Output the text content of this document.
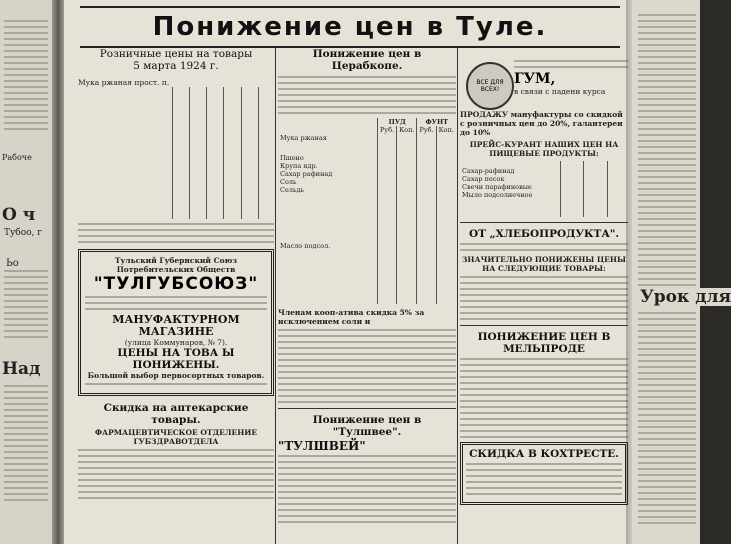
О ч
Тубоо, г
Ьо
Над
Рабоче
Понижение цен в Туле.
Розничные цены на товары
5 марта 1924 г.
Мука ржаная прост. п.

Тульский Губернский Союз Потребительских Обществ
"ТУЛГУБСОЮЗ"
МАНУФАКТУРНОМ МАГАЗИНЕ
(улица Коммунаров, № 7).
ЦЕНЫ НА ТОВА Ы ПОНИЖЕНЫ.
Большой выбор первосортных товаров.
Скидка на аптекарские товары.
ФАРМАЦЕВТИЧЕСКОЕ ОТДЕЛЕНИЕ ГУБЗДРАВОТДЕЛА
Понижение цен в Церабкопе.
	ПУД		ФУНТ	
	Руб.	Коп.	Руб.	Коп.
Мука ржаная				

Пшено				
Крупа ядр.				
Сахар рафинад				
Соль				
Сельдь				

Масло подсол.				

Членам кооп-атива скидка 5% за исключением соли и
Понижение цен в "Тулшвее".
"ТУЛШВЕЙ"
ВСЕ ДЛЯ ВСЕХ!
ГУМ,
в связи с падени курса
ПРОДАЖУ мануфактуры со скидкой с розничных цен до 20%, галантереи до 10%
ПРЕЙС-КУРАНТ НАШИХ ЦЕН НА ПИЩЕВЫЕ ПРОДУКТЫ:

Сахар-рафинад			
Сахар песок			
Свечи парафиновые			
Мыло подсолнечное			

ОТ „ХЛЕБОПРОДУКТА".
ЗНАЧИТЕЛЬНО ПОНИЖЕНЫ ЦЕНЫ НА СЛЕДУЮЩИЕ ТОВАРЫ:
ПОНИЖЕНИЕ ЦЕН В МЕЛЬПРОДЕ
СКИДКА В КОХТРЕСТЕ.
Урок для
